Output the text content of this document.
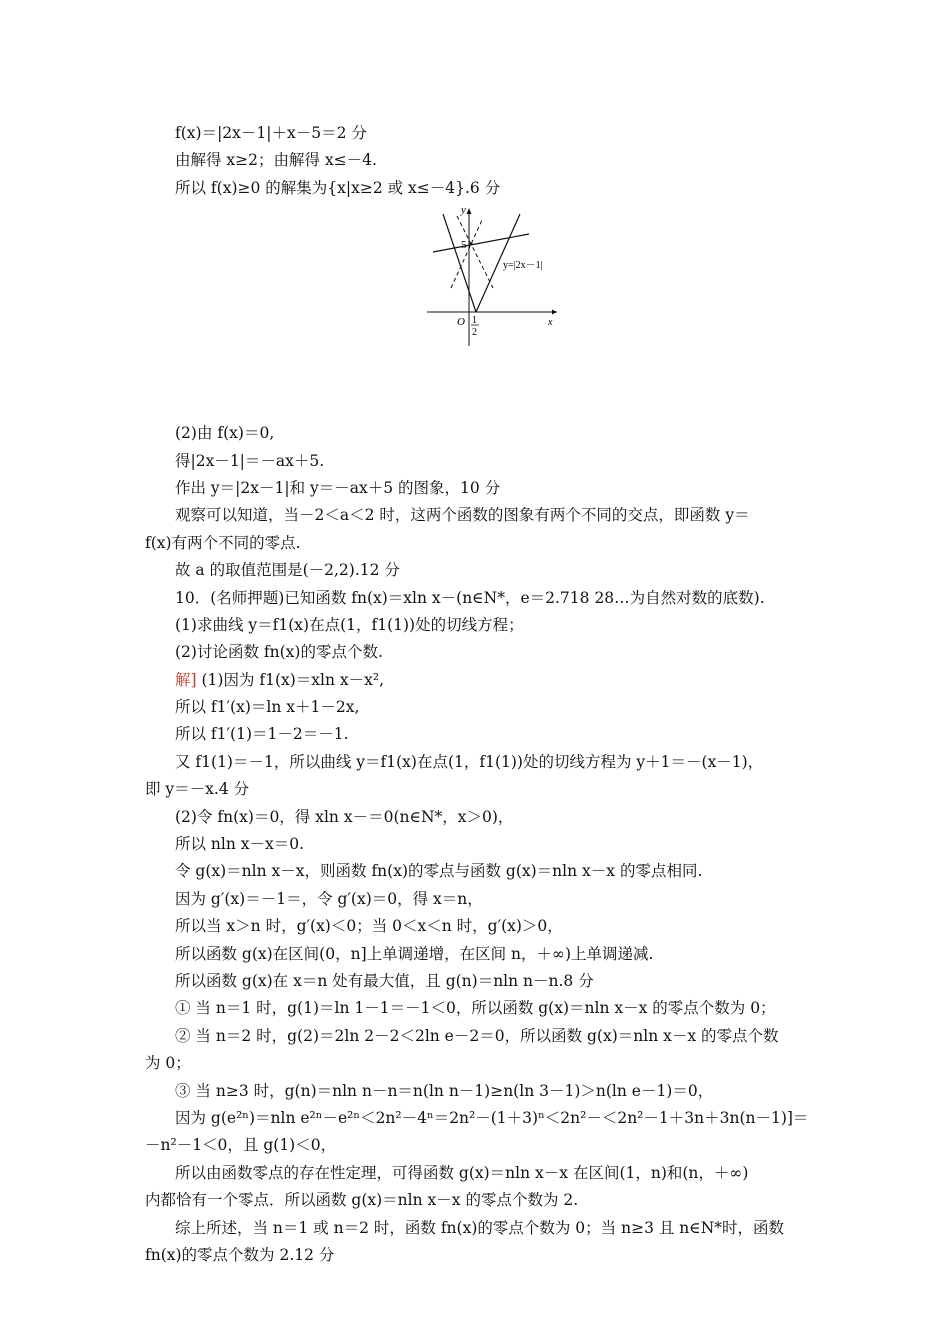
f(x)＝|2x－1|＋x－5＝2 分
由解得 x≥2；由解得 x≤－4.
所以 f(x)≥0 的解集为{x|x≥2 或 x≤－4}.6 分
y
5
O 1
2
x
y=|2x－1|
(2)由 f(x)＝0,
得|2x－1|＝－ax＋5.
作出 y＝|2x－1|和 y＝－ax＋5 的图象，10 分
观察可以知道，当－2＜a＜2 时，这两个函数的图象有两个不同的交点，即函数 y＝
f(x)有两个不同的零点.
故 a 的取值范围是(－2,2).12 分
10．(名师押题)已知函数 fn(x)＝xln x－(n∈N*，e＝2.718 28…为自然对数的底数).
(1)求曲线 y＝f1(x)在点(1，f1(1))处的切线方程；
(2)讨论函数 fn(x)的零点个数.
解] (1)因为 f1(x)＝xln x－x²,
所以 f1′(x)＝ln x＋1－2x,
所以 f1′(1)＝1－2＝－1.
又 f1(1)＝－1，所以曲线 y＝f1(x)在点(1，f1(1))处的切线方程为 y＋1＝－(x－1)，
即 y＝－x.4 分
(2)令 fn(x)＝0，得 xln x－＝0(n∈N*，x＞0)，
所以 nln x－x＝0.
令 g(x)＝nln x－x，则函数 fn(x)的零点与函数 g(x)＝nln x－x 的零点相同.
因为 g′(x)＝－1＝，令 g′(x)＝0，得 x＝n，
所以当 x＞n 时，g′(x)＜0；当 0＜x＜n 时，g′(x)＞0，
所以函数 g(x)在区间(0，n]上单调递增，在区间 n，＋∞)上单调递减.
所以函数 g(x)在 x＝n 处有最大值，且 g(n)＝nln n－n.8 分
① 当 n＝1 时，g(1)＝ln 1－1＝－1＜0，所以函数 g(x)＝nln x－x 的零点个数为 0；
② 当 n＝2 时，g(2)＝2ln 2－2＜2ln e－2＝0，所以函数 g(x)＝nln x－x 的零点个数
为 0；
③ 当 n≥3 时，g(n)＝nln n－n＝n(ln n－1)≥n(ln 3－1)＞n(ln e－1)＝0，
因为 g(e²ⁿ)＝nln e²ⁿ－e²ⁿ＜2n²－4ⁿ＝2n²－(1＋3)ⁿ＜2n²－＜2n²－1＋3n＋3n(n－1)]＝
－n²－1＜0，且 g(1)＜0，
所以由函数零点的存在性定理，可得函数 g(x)＝nln x－x 在区间(1，n)和(n，＋∞)
内都恰有一个零点．所以函数 g(x)＝nln x－x 的零点个数为 2.
综上所述，当 n＝1 或 n＝2 时，函数 fn(x)的零点个数为 0；当 n≥3 且 n∈N*时，函数
fn(x)的零点个数为 2.12 分
